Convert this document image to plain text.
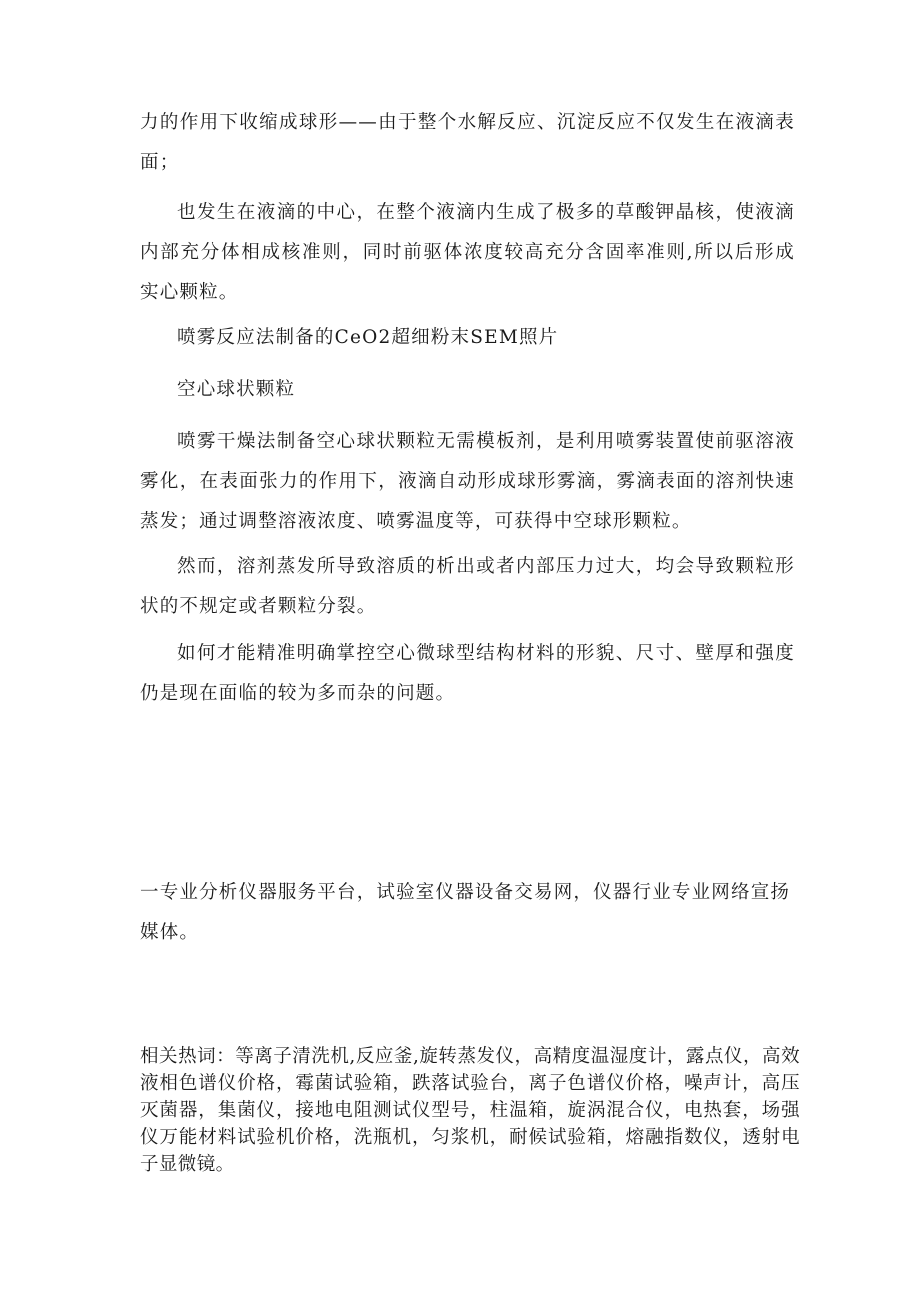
力的作用下收缩成球形——由于整个水解反应、沉淀反应不仅发生在液滴表面；

也发生在液滴的中心，在整个液滴内生成了极多的草酸钾晶核，使液滴内部充分体相成核准则，同时前驱体浓度较高充分含固率准则,所以后形成实心颗粒。

喷雾反应法制备的CeO2超细粉末SEM照片

空心球状颗粒

喷雾干燥法制备空心球状颗粒无需模板剂，是利用喷雾装置使前驱溶液雾化，在表面张力的作用下，液滴自动形成球形雾滴，雾滴表面的溶剂快速蒸发；通过调整溶液浓度、喷雾温度等，可获得中空球形颗粒。

然而，溶剂蒸发所导致溶质的析出或者内部压力过大，均会导致颗粒形状的不规定或者颗粒分裂。

如何才能精准明确掌控空心微球型结构材料的形貌、尺寸、壁厚和强度仍是现在面临的较为多而杂的问题。

一专业分析仪器服务平台，试验室仪器设备交易网，仪器行业专业网络宣扬媒体。

相关热词：等离子清洗机,反应釜,旋转蒸发仪，高精度温湿度计，露点仪，高效液相色谱仪价格，霉菌试验箱，跌落试验台，离子色谱仪价格，噪声计，高压灭菌器，集菌仪，接地电阻测试仪型号，柱温箱，旋涡混合仪，电热套，场强仪万能材料试验机价格，洗瓶机，匀浆机，耐候试验箱，熔融指数仪，透射电子显微镜。
